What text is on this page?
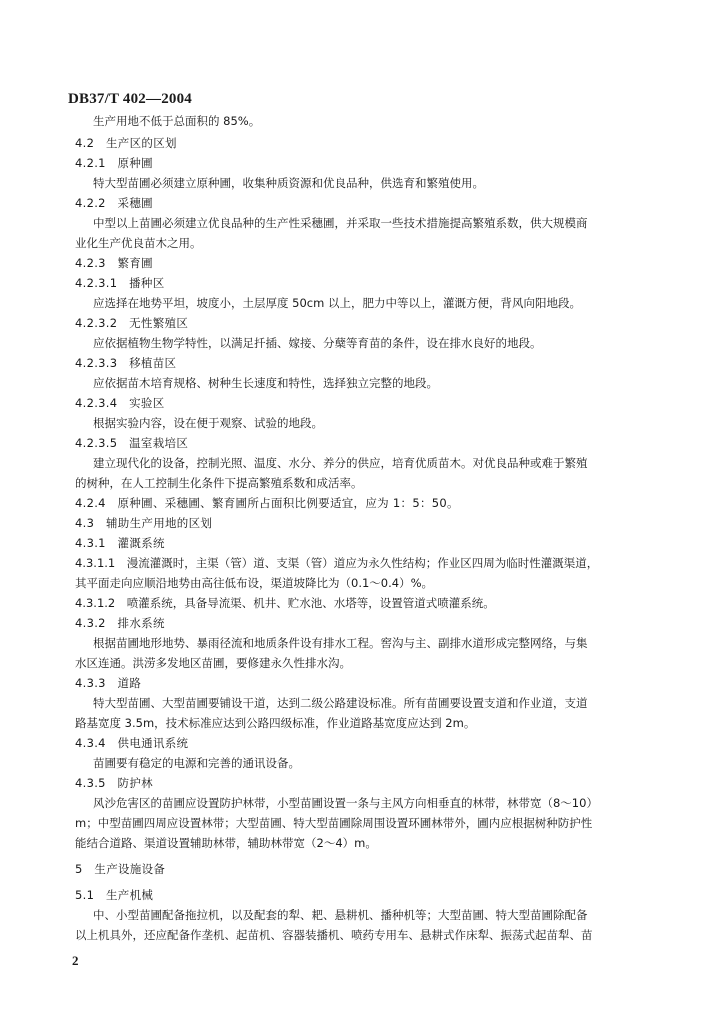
DB37/T 402—2004
生产用地不低于总面积的 85%。
4.2　生产区的区划
4.2.1　原种圃
特大型苗圃必须建立原种圃，收集种质资源和优良品种，供选育和繁殖使用。
4.2.2　采穗圃
中型以上苗圃必须建立优良品种的生产性采穗圃，并采取一些技术措施提高繁殖系数，供大规模商
业化生产优良苗木之用。
4.2.3　繁育圃
4.2.3.1　播种区
应选择在地势平坦，坡度小，土层厚度 50cm 以上，肥力中等以上，灌溉方便，背风向阳地段。
4.2.3.2　无性繁殖区
应依据植物生物学特性，以满足扦插、嫁接、分蘖等育苗的条件，设在排水良好的地段。
4.2.3.3　移植苗区
应依据苗木培育规格、树种生长速度和特性，选择独立完整的地段。
4.2.3.4　实验区
根据实验内容，设在便于观察、试验的地段。
4.2.3.5　温室栽培区
建立现代化的设备，控制光照、温度、水分、养分的供应，培育优质苗木。对优良品种或难于繁殖
的树种，在人工控制生化条件下提高繁殖系数和成活率。
4.2.4　原种圃、采穗圃、繁育圃所占面积比例要适宜，应为 1：5：50。
4.3　辅助生产用地的区划
4.3.1　灌溉系统
4.3.1.1　漫流灌溉时，主渠（管）道、支渠（管）道应为永久性结构；作业区四周为临时性灌溉渠道，
其平面走向应顺沿地势由高往低布设，渠道坡降比为（0.1～0.4）%。
4.3.1.2　喷灌系统，具备导流渠、机井、贮水池、水塔等，设置管道式喷灌系统。
4.3.2　排水系统
根据苗圃地形地势、暴雨径流和地质条件设有排水工程。窖沟与主、副排水道形成完整网络，与集
水区连通。洪涝多发地区苗圃，要修建永久性排水沟。
4.3.3　道路
特大型苗圃、大型苗圃要铺设干道，达到二级公路建设标准。所有苗圃要设置支道和作业道，支道
路基宽度 3.5m，技术标准应达到公路四级标准，作业道路基宽度应达到 2m。
4.3.4　供电通讯系统
苗圃要有稳定的电源和完善的通讯设备。
4.3.5　防护林
风沙危害区的苗圃应设置防护林带，小型苗圃设置一条与主风方向相垂直的林带，林带宽（8～10）
m；中型苗圃四周应设置林带；大型苗圃、特大型苗圃除周围设置环圃林带外，圃内应根据树种防护性
能结合道路、渠道设置辅助林带，辅助林带宽（2～4）m。
5　生产设施设备
5.1　生产机械
中、小型苗圃配备拖拉机，以及配套的犁、耙、悬耕机、播种机等；大型苗圃、特大型苗圃除配备
以上机具外，还应配备作垄机、起苗机、容器装播机、喷药专用车、悬耕式作床犁、振荡式起苗犁、苗
2
